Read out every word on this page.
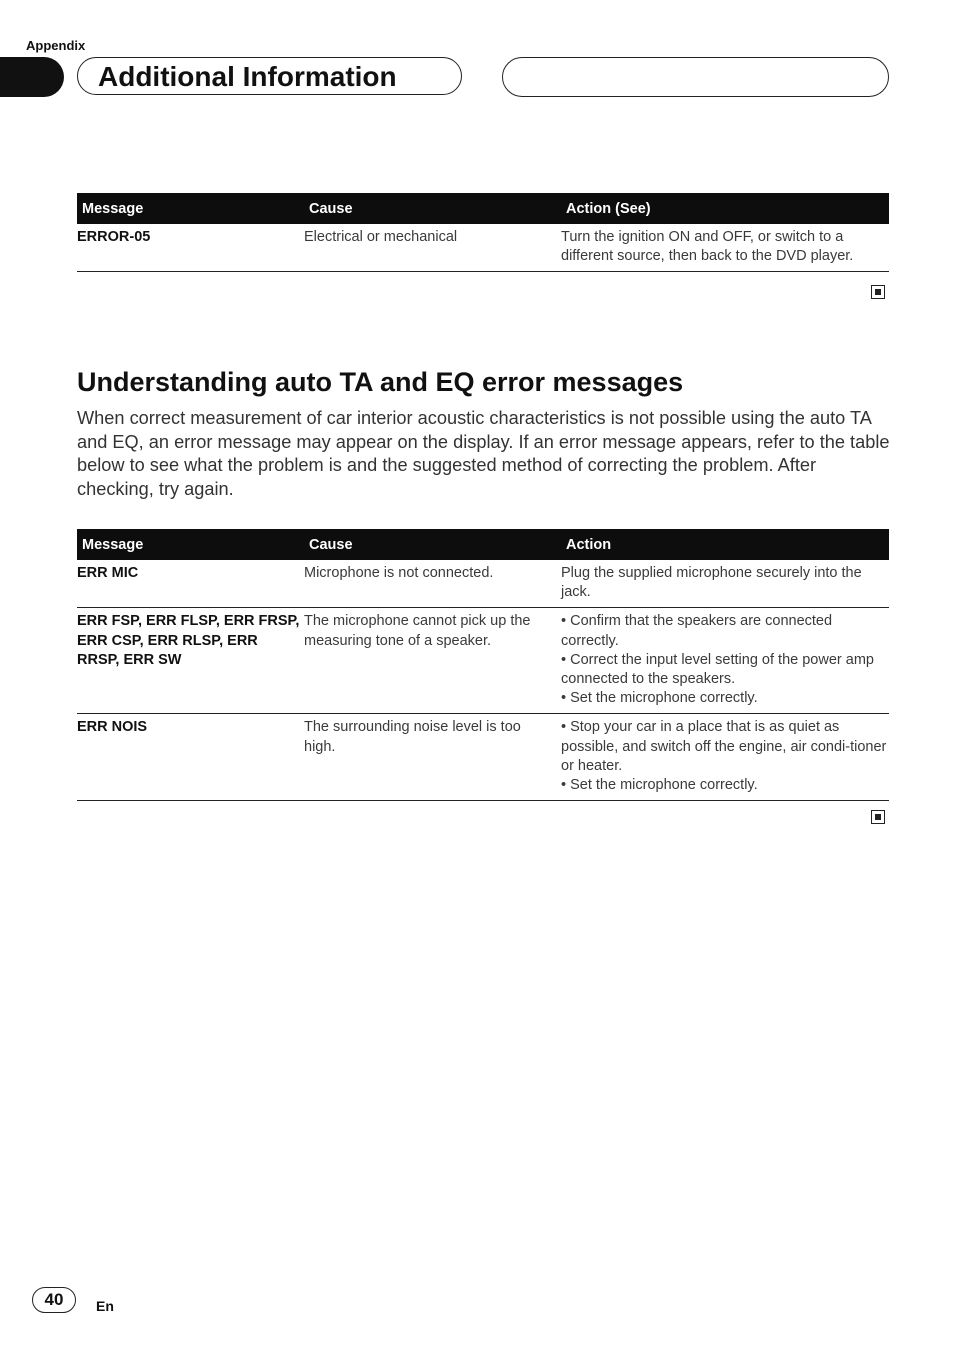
Appendix
Additional Information
Message	Cause	Action (See)
ERROR-05	Electrical or mechanical	Turn the ignition ON and OFF, or switch to a different source, then back to the DVD player.
Understanding auto TA and EQ error messages

When correct measurement of car interior acoustic characteristics is not possible using the auto TA and EQ, an error message may appear on the display. If an error message appears, refer to the table below to see what the problem is and the suggested method of correcting the problem. After checking, try again.

Message	Cause	Action
ERR MIC	Microphone is not connected.	Plug the supplied microphone securely into the jack.
ERR FSP, ERR FLSP, ERR FRSP, ERR CSP, ERR RLSP, ERR RRSP, ERR SW	The microphone cannot pick up the measuring tone of a speaker.	• Confirm that the speakers are connected correctly.
• Correct the input level setting of the power amp connected to the speakers.
• Set the microphone correctly.

ERR NOIS	The surrounding noise level is too high.	• Stop your car in a place that is as quiet as possible, and switch off the engine, air condi-tioner or heater.
• Set the microphone correctly.
40	En
